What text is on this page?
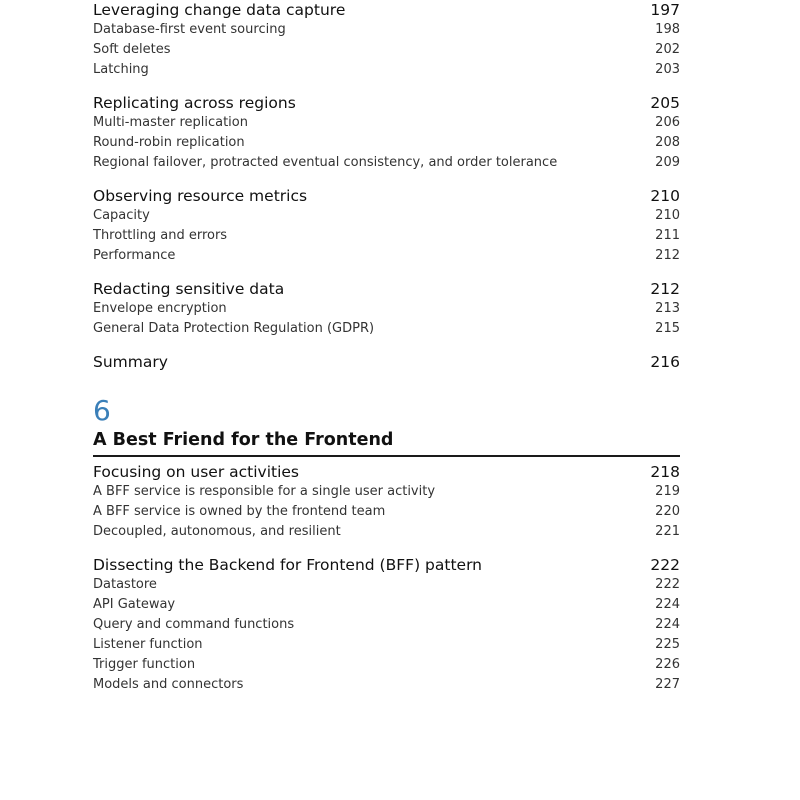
Leveraging change data capture	197
Database-first event sourcing	198
Soft deletes	202
Latching	203
Replicating across regions	205
Multi-master replication	206
Round-robin replication	208
Regional failover, protracted eventual consistency, and order tolerance	209
Observing resource metrics	210
Capacity	210
Throttling and errors	211
Performance	212
Redacting sensitive data	212
Envelope encryption	213
General Data Protection Regulation (GDPR)	215
Summary	216
6
A Best Friend for the Frontend
Focusing on user activities	218
A BFF service is responsible for a single user activity	219
A BFF service is owned by the frontend team	220
Decoupled, autonomous, and resilient	221
Dissecting the Backend for Frontend (BFF) pattern	222
Datastore	222
API Gateway	224
Query and command functions	224
Listener function	225
Trigger function	226
Models and connectors	227
